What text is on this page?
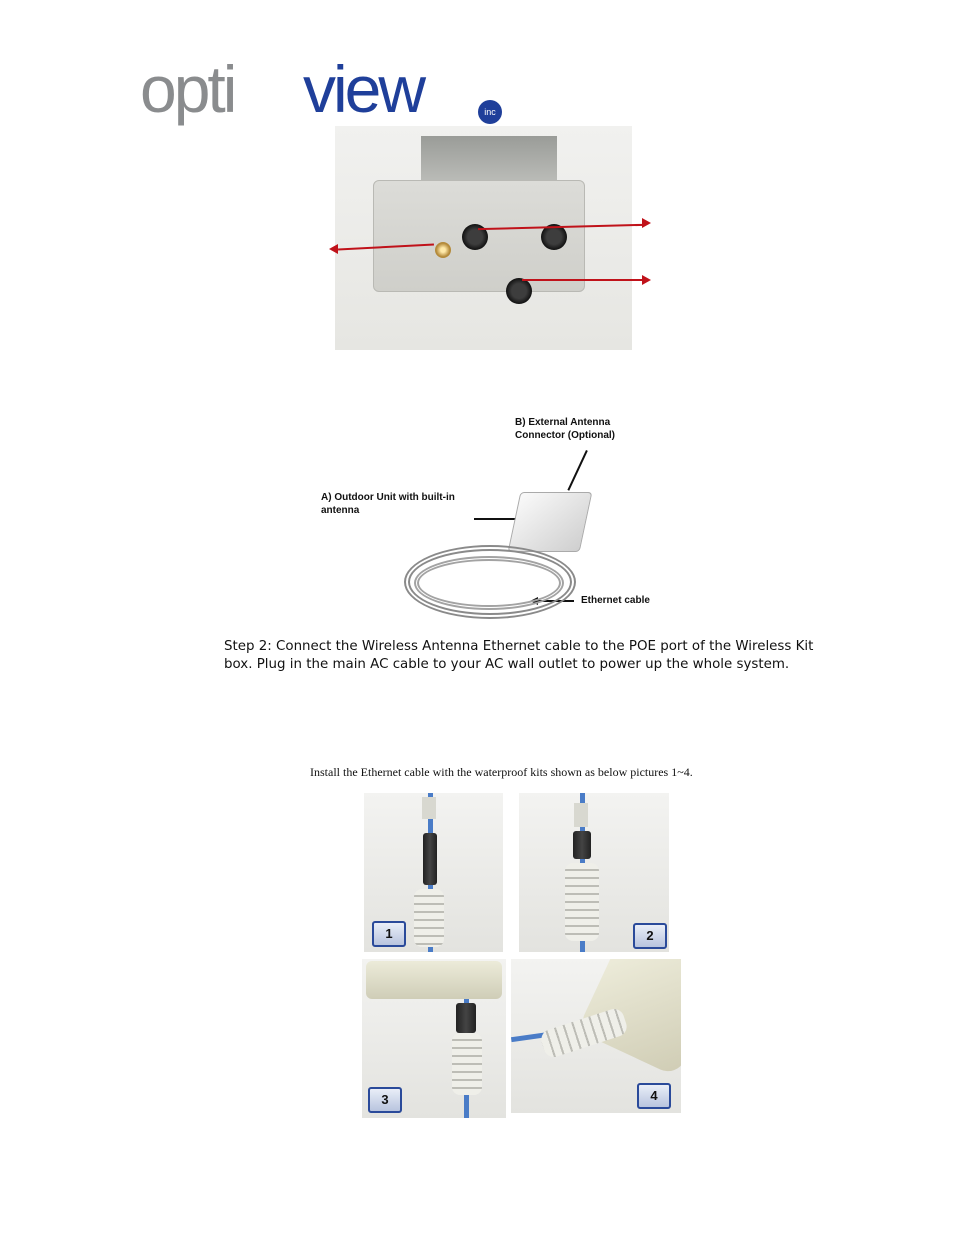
opti view	inc
B) External Antenna
Connector (Optional)
A) Outdoor Unit with built-in
antenna
Ethernet cable
Step 2: Connect the Wireless Antenna Ethernet cable to the POE port of the Wireless Kit box. Plug in the main AC cable to your AC wall outlet to power up the whole system.
Install the Ethernet cable with the waterproof kits shown as below pictures 1~4.
1	2
3	4
